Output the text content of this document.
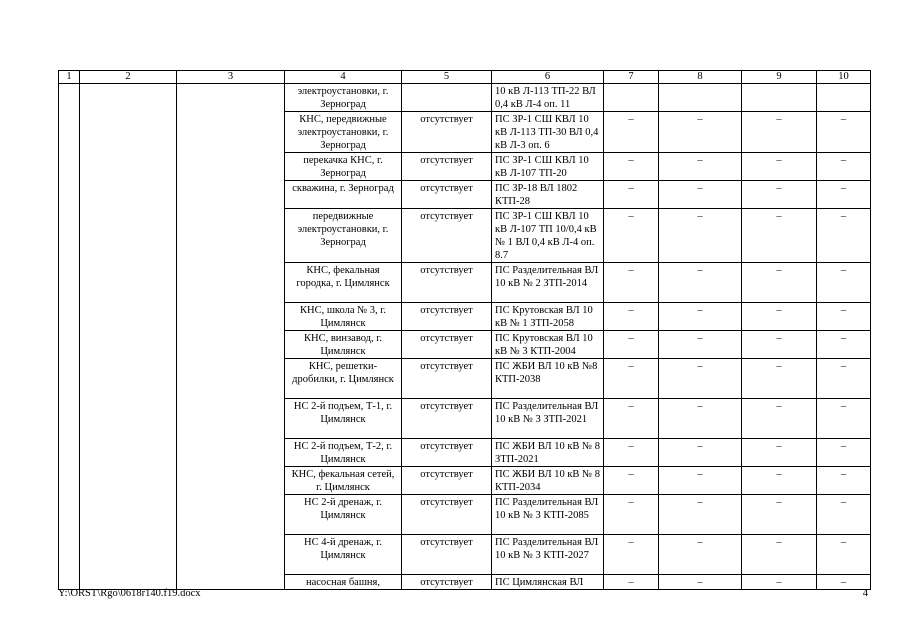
1	2	3	4	5	6	7	8	9	10
			электроустановки, г. Зерноград		10 кВ Л-113 ТП-22 ВЛ 0,4 кВ Л-4 оп. 11				
			КНС, передвижные электроустановки, г. Зерноград	отсутствует	ПС ЗР-1 СШ КВЛ 10 кВ Л-113 ТП-30 ВЛ 0,4 кВ Л-3 оп. 6	–	–	–	–
			перекачка КНС, г. Зерноград	отсутствует	ПС ЗР-1 СШ КВЛ 10 кВ Л-107 ТП-20	–	–	–	–
			скважина, г. Зерноград	отсутствует	ПС ЗР-18 ВЛ 1802 КТП-28	–	–	–	–
			передвижные электроустановки, г. Зерноград	отсутствует	ПС ЗР-1 СШ КВЛ 10 кВ Л-107 ТП 10/0,4 кВ № 1 ВЛ 0,4 кВ Л-4 оп. 8.7	–	–	–	–
			КНС, фекальная городка, г. Цимлянск	отсутствует	ПС Разделительная ВЛ 10 кВ № 2 ЗТП-2014	–	–	–	–
			КНС, школа № 3, г. Цимлянск	отсутствует	ПС Крутовская ВЛ 10 кВ № 1 ЗТП-2058	–	–	–	–
			КНС, винзавод, г. Цимлянск	отсутствует	ПС Крутовская ВЛ 10 кВ № 3 КТП-2004	–	–	–	–
			КНС, решетки-дробилки, г. Цимлянск	отсутствует	ПС ЖБИ ВЛ 10 кВ №8 КТП-2038	–	–	–	–
			НС 2-й подъем, Т-1, г. Цимлянск	отсутствует	ПС Разделительная ВЛ 10 кВ № 3 ЗТП-2021	–	–	–	–
			НС 2-й подъем, Т-2, г. Цимлянск	отсутствует	ПС ЖБИ ВЛ 10 кВ № 8 ЗТП-2021	–	–	–	–
			КНС, фекальная сетей, г. Цимлянск	отсутствует	ПС ЖБИ ВЛ 10 кВ № 8 КТП-2034	–	–	–	–
			НС 2-й дренаж, г. Цимлянск	отсутствует	ПС Разделительная ВЛ 10 кВ № 3 КТП-2085	–	–	–	–
			НС 4-й дренаж, г. Цимлянск	отсутствует	ПС Разделительная ВЛ 10 кВ № 3 КТП-2027	–	–	–	–
			насосная башня,	отсутствует	ПС Цимлянская ВЛ	–	–	–	–
Y:\ORST\Rgo\0618r140.f19.docx	4
